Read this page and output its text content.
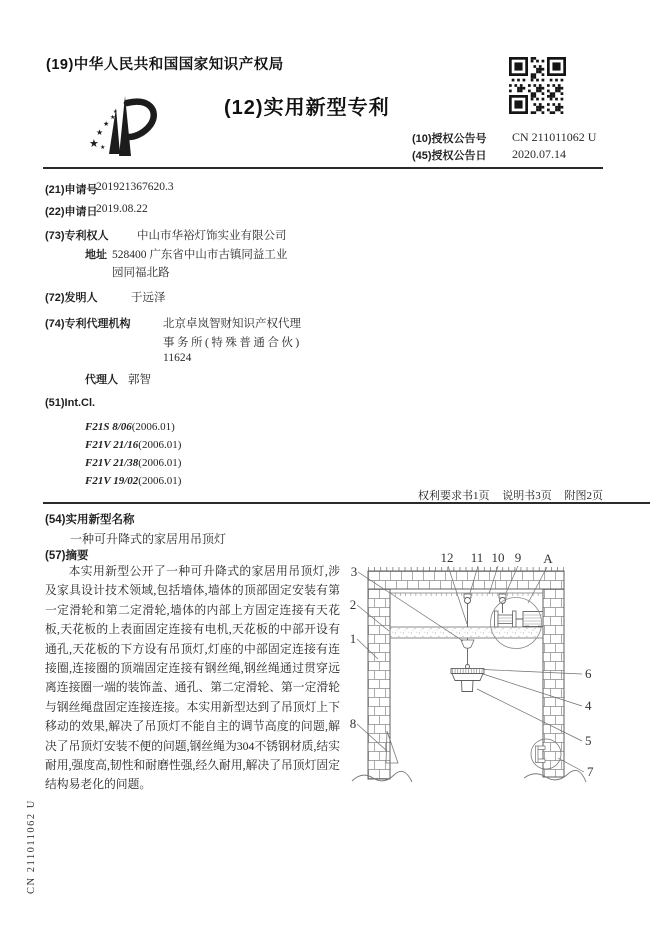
(19)中华人民共和国国家知识产权局
★
★
★
★
★
★	(12)实用新型专利
(10)授权公告号 CN 211011062 U
(45)授权公告日 2020.07.14
(21)申请号
201921367620.3
(22)申请日
2019.08.22
(73)专利权人 中山市华裕灯饰实业有限公司
地址 528400 广东省中山市古镇同益工业
园同福北路
(72)发明人	于远泽
(74)专利代理机构	北京卓岚智财知识产权代理
事务所(特殊普通合伙)
11624
代理人 郭智
(51)Int.Cl.
F21S 8/06(2006.01)
F21V 21/16(2006.01)
F21V 21/38(2006.01)
F21V 19/02(2006.01)
权利要求书1页 说明书3页 附图2页
(54)实用新型名称
一种可升降式的家居用吊顶灯
(57)摘要
本实用新型公开了一种可升降式的家居用吊顶灯,涉及家具设计技术领域,包括墙体,墙体的顶部固定安装有第一定滑轮和第二定滑轮,墙体的内部上方固定连接有天花板,天花板的上表面固定连接有电机,天花板的中部开设有通孔,天花板的下方设有吊顶灯,灯座的中部固定连接有连接圈,连接圈的顶端固定连接有钢丝绳,钢丝绳通过贯穿远离连接圈一端的装饰盖、通孔、第二定滑轮、第一定滑轮与钢丝绳盘固定连接连接。本实用新型达到了吊顶灯上下移动的效果,解决了吊顶灯不能自主的调节高度的问题,解决了吊顶灯安装不便的问题,钢丝绳为304不锈钢材质,结实耐用,强度高,韧性和耐磨性强,经久耐用,解决了吊顶灯固定结构易老化的问题。
12 11 10 9 A
3
2
1
8
6
4
5
7
CN 211011062 U
